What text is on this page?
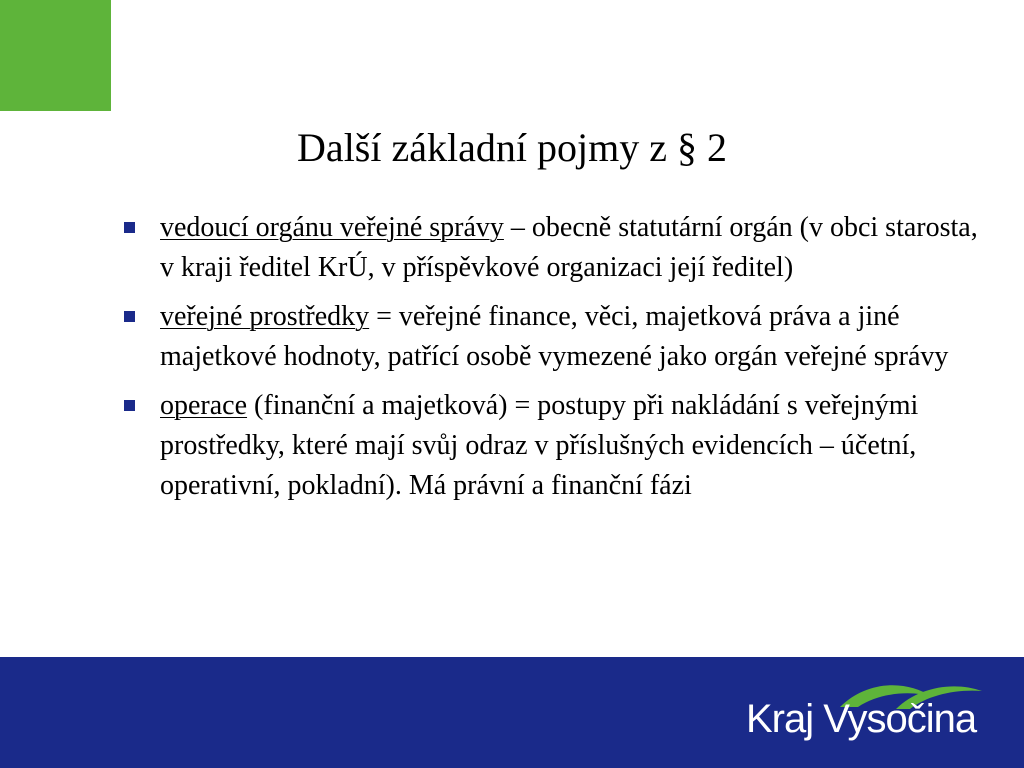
Další základní pojmy z § 2
vedoucí orgánu veřejné správy – obecně statutární orgán (v obci starosta, v kraji ředitel KrÚ, v příspěvkové organizaci její ředitel)
veřejné prostředky = veřejné finance, věci, majetková práva a jiné majetkové hodnoty, patřící osobě vymezené jako orgán veřejné správy
operace (finanční a majetková) = postupy při nakládání s veřejnými prostředky, které mají svůj odraz v příslušných evidencích – účetní, operativní, pokladní). Má právní a finanční fázi
Kraj Vysočina
